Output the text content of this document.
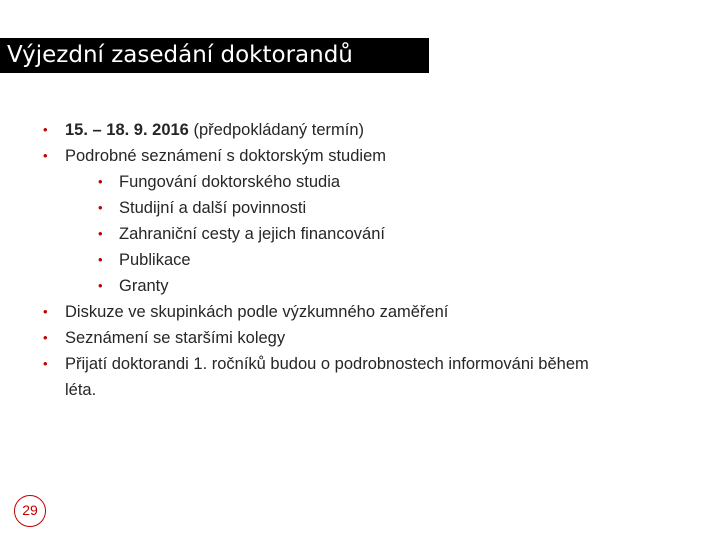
Výjezdní zasedání doktorandů
• 15. – 18. 9. 2016 (předpokládaný termín)
• Podrobné seznámení s doktorským studiem
• Fungování doktorského studia
• Studijní a další povinnosti
• Zahraniční cesty a jejich financování
• Publikace
• Granty
• Diskuze ve skupinkách podle výzkumného zaměření
• Seznámení se staršími kolegy
• Přijatí doktorandi 1. ročníků budou o podrobnostech informováni během léta.
29
